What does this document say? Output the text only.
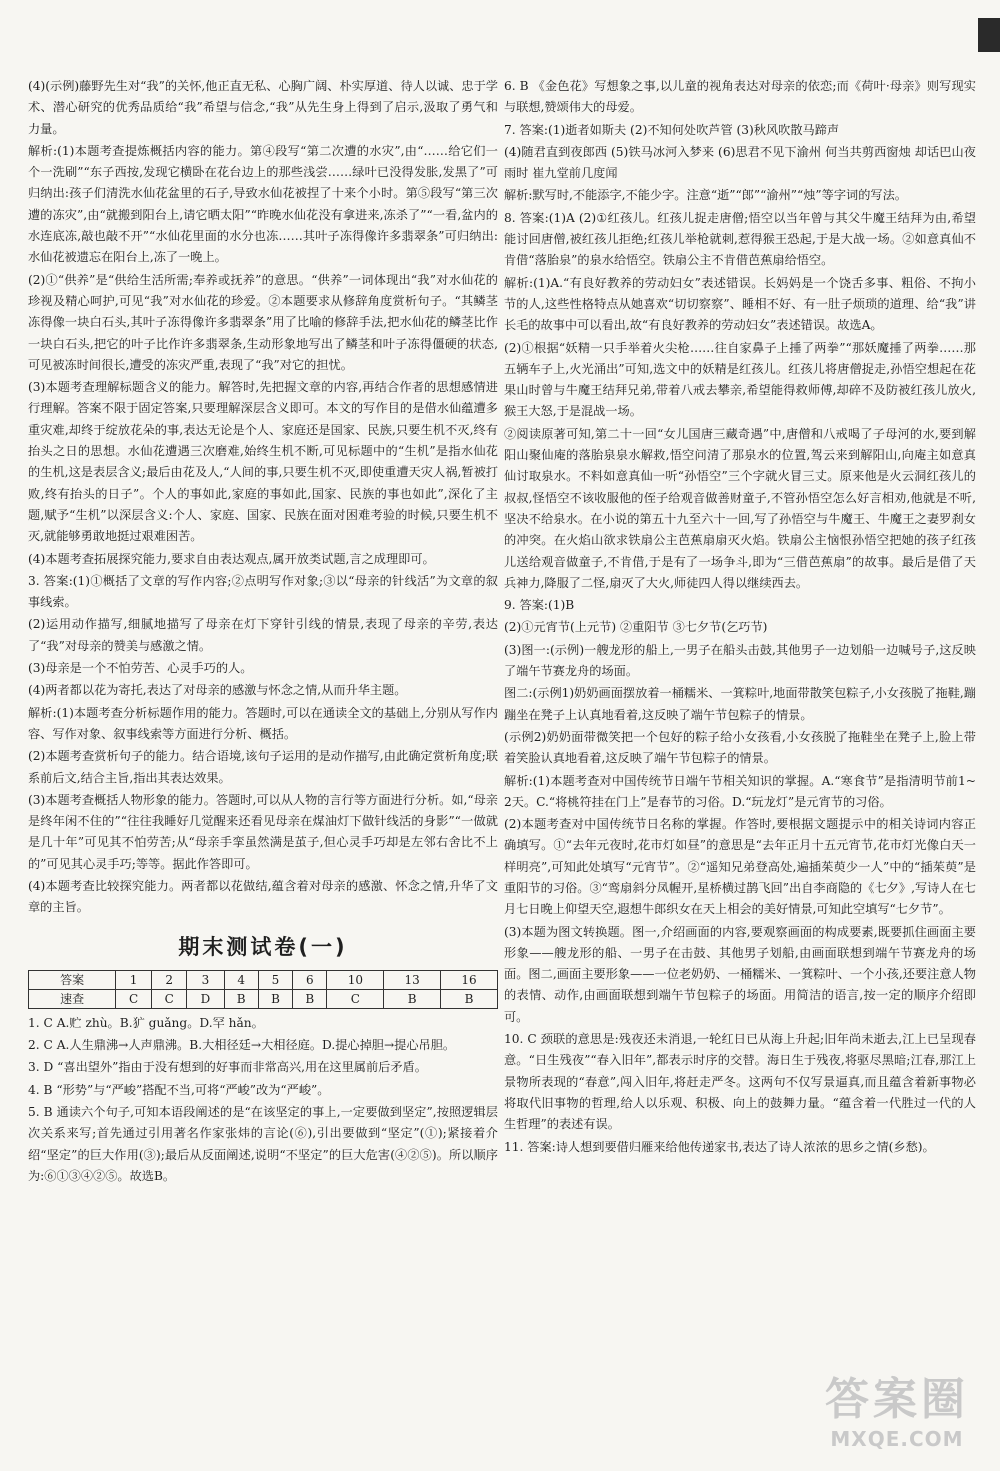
(4)(示例)藤野先生对“我”的关怀,他正直无私、心胸广阔、朴实厚道、待人以诚、忠于学术、潜心研究的优秀品质给“我”希望与信念,“我”从先生身上得到了启示,汲取了勇气和力量。

解析:(1)本题考查提炼概括内容的能力。第④段写“第二次遭的水灾”,由“……给它们一个一洗刷”“东子西按,发现它横卧在花台边上的那些浅尝……绿叶已没得发胀,发黑了”可归纳出:孩子们清洗水仙花盆里的石子,导致水仙花被捏了十来个小时。第⑤段写“第三次遭的冻灾”,由“就搬到阳台上,请它晒太阳”“昨晚水仙花没有拿进来,冻杀了”“一看,盆内的水连底冻,敲也敲不开”“水仙花里面的水分也冻……其叶子冻得像许多翡翠条”可归纳出:水仙花被遗忘在阳台上,冻了一晚上。

(2)①“供养”是“供给生活所需;奉养或抚养”的意思。“供养”一词体现出“我”对水仙花的珍视及精心呵护,可见“我”对水仙花的珍爱。②本题要求从修辞角度赏析句子。“其鳞茎冻得像一块白石头,其叶子冻得像许多翡翠条”用了比喻的修辞手法,把水仙花的鳞茎比作一块白石头,把它的叶子比作许多翡翠条,生动形象地写出了鳞茎和叶子冻得僵硬的状态,可见被冻时间很长,遭受的冻灾严重,表现了“我”对它的担忧。

(3)本题考查理解标题含义的能力。解答时,先把握文章的内容,再结合作者的思想感情进行理解。答案不限于固定答案,只要理解深层含义即可。本文的写作目的是借水仙蕴遭多重灾难,却终于绽放花朵的事,表达无论是个人、家庭还是国家、民族,只要生机不灭,终有抬头之日的思想。水仙花遭遇三次磨难,始终生机不断,可见标题中的“生机”是指水仙花的生机,这是表层含义;最后由花及人,“人间的事,只要生机不灭,即使重遭天灾人祸,暂被打败,终有抬头的日子”。个人的事如此,家庭的事如此,国家、民族的事也如此”,深化了主题,赋予“生机”以深层含义:个人、家庭、国家、民族在面对困难考验的时候,只要生机不灭,就能够勇敢地挺过艰难困苦。

(4)本题考查拓展探究能力,要求自由表达观点,属开放类试题,言之成理即可。

3. 答案:(1)①概括了文章的写作内容;②点明写作对象;③以“母亲的针线活”为文章的叙事线索。

(2)运用动作描写,细腻地描写了母亲在灯下穿针引线的情景,表现了母亲的辛劳,表达了“我”对母亲的赞美与感激之情。

(3)母亲是一个不怕劳苦、心灵手巧的人。

(4)两者都以花为寄托,表达了对母亲的感激与怀念之情,从而升华主题。

解析:(1)本题考查分析标题作用的能力。答题时,可以在通读全文的基础上,分别从写作内容、写作对象、叙事线索等方面进行分析、概括。

(2)本题考查赏析句子的能力。结合语境,该句子运用的是动作描写,由此确定赏析角度;联系前后文,结合主旨,指出其表达效果。

(3)本题考查概括人物形象的能力。答题时,可以从人物的言行等方面进行分析。如,“母亲是终年闲不住的”“往往我睡好几觉醒来还看见母亲在煤油灯下做针线活的身影”“一做就是几十年”可见其不怕劳苦;从“母亲手挛虽然满是茧子,但心灵手巧却是左邻右舍比不上的”可见其心灵手巧;等等。据此作答即可。

(4)本题考查比较探究能力。两者都以花做结,蕴含着对母亲的感激、怀念之情,升华了文章的主旨。

期末测试卷(一)
答案	1	2	3	4	5	6	10	13	16
速查	C	C	D	B	B	B	C	B	B

1. C A.贮 zhù。B.犷 guǎng。D.罕 hǎn。

2. C A.人生鼎沸→人声鼎沸。B.大相径廷→大相径庭。D.提心掉胆→提心吊胆。

3. D “喜出望外”指由于没有想到的好事而非常高兴,用在这里属前后矛盾。

4. B “形势”与“严峻”搭配不当,可将“严峻”改为“严峻”。

5. B 通读六个句子,可知本语段阐述的是“在该坚定的事上,一定要做到坚定”,按照逻辑层次关系来写;首先通过引用著名作家张炜的言论(⑥),引出要做到“坚定”(①);紧接着介绍“坚定”的巨大作用(③);最后从反面阐述,说明“不坚定”的巨大危害(④②⑤)。所以顺序为:⑥①③④②⑤。故选B。

6. B 《金色花》写想象之事,以儿童的视角表达对母亲的依恋;而《荷叶·母亲》则写现实与联想,赞颂伟大的母爱。

7. 答案:(1)逝者如斯夫 (2)不知何处吹芦管 (3)秋风吹散马蹄声

(4)随君直到夜郎西 (5)铁马冰河入梦来 (6)思君不见下渝州 何当共剪西窗烛 却话巴山夜雨时 崔九堂前几度闻

解析:默写时,不能添字,不能少字。注意“逝”“郎”“渝州”“烛”等字词的写法。

8. 答案:(1)A (2)①红孩儿。红孩儿捉走唐僧;悟空以当年曾与其父牛魔王结拜为由,希望能讨回唐僧,被红孩儿拒绝;红孩儿举枪就刺,惹得猴王恐起,于是大战一场。②如意真仙不肯借“落胎泉”的泉水给悟空。铁扇公主不肯借芭蕉扇给悟空。

解析:(1)A.“有良好教养的劳动妇女”表述错误。长妈妈是一个饶舌多事、粗俗、不拘小节的人,这些性格特点从她喜欢“切切察察”、睡相不好、有一肚子烦琐的道理、给“我”讲长毛的故事中可以看出,故“有良好教养的劳动妇女”表述错误。故选A。

(2)①根据“妖精一只手举着火尖枪……往自家鼻子上捶了两拳”“那妖魔捶了两拳……那五辆车子上,火光涌出”可知,选文中的妖精是红孩儿。红孩儿将唐僧捉走,孙悟空想起在花果山时曾与牛魔王结拜兄弟,带着八戒去攀亲,希望能得救师傅,却碎不及防被红孩儿放火,猴王大怒,于是混战一场。

②阅读原著可知,第二十一回“女儿国唐三藏奇遇”中,唐僧和八戒喝了子母河的水,要到解阳山聚仙庵的落胎泉泉水解救,悟空问清了那泉水的位置,驾云来到解阳山,向庵主如意真仙讨取泉水。不料如意真仙一听“孙悟空”三个字就火冒三丈。原来他是火云洞红孩儿的叔叔,怪悟空不该收服他的侄子给观音做善财童子,不管孙悟空怎么好言相劝,他就是不听,坚决不给泉水。在小说的第五十九至六十一回,写了孙悟空与牛魔王、牛魔王之妻罗刹女的冲突。在火焰山欲求铁扇公主芭蕉扇扇灭火焰。铁扇公主恼恨孙悟空把她的孩子红孩儿送给观音做童子,不肯借,于是有了一场争斗,即为“三借芭蕉扇”的故事。最后是借了天兵神力,降服了二怪,扇灭了大火,师徒四人得以继续西去。

9. 答案:(1)B

(2)①元宵节(上元节) ②重阳节 ③七夕节(乞巧节)

(3)图一:(示例)一艘龙形的船上,一男子在船头击鼓,其他男子一边划船一边喊号子,这反映了端午节赛龙舟的场面。

图二:(示例1)奶奶画面摆放着一桶糯米、一箕粽叶,地面带散笑包粽子,小女孩脱了拖鞋,蹦蹦坐在凳子上认真地看着,这反映了端午节包粽子的情景。

(示例2)奶奶面带微笑把一个包好的粽子给小女孩看,小女孩脱了拖鞋坐在凳子上,脸上带着笑脸认真地看着,这反映了端午节包粽子的情景。

解析:(1)本题考查对中国传统节日端午节相关知识的掌握。A.“寒食节”是指清明节前1~2天。C.“将桃符挂在门上”是春节的习俗。D.“玩龙灯”是元宵节的习俗。

(2)本题考查对中国传统节日名称的掌握。作答时,要根据文题提示中的相关诗词内容正确填写。①“去年元夜时,花市灯如昼”的意思是“去年正月十五元宵节,花市灯光像白天一样明亮”,可知此处填写“元宵节”。②“遥知兄弟登高处,遍插茱萸少一人”中的“插茱萸”是重阳节的习俗。③“鸾扇斜分凤幄开,星桥横过鹊飞回”出自李商隐的《七夕》,写诗人在七月七日晚上仰望天空,遐想牛郎织女在天上相会的美好情景,可知此空填写“七夕节”。

(3)本题为图文转换题。图一,介绍画面的内容,要观察画面的构成要素,既要抓住画面主要形象——艘龙形的船、一男子在击鼓、其他男子划船,由画面联想到端午节赛龙舟的场面。图二,画面主要形象——一位老奶奶、一桶糯米、一箕粽叶、一个小孩,还要注意人物的表情、动作,由画面联想到端午节包粽子的场面。用简洁的语言,按一定的顺序介绍即可。

10. C 颈联的意思是:残夜还未消退,一轮红日已从海上升起;旧年尚未逝去,江上已呈现春意。“日生残夜”“春入旧年”,都表示时序的交替。海日生于残夜,将驱尽黑暗;江春,那江上景物所表现的“春意”,闯入旧年,将赶走严冬。这两句不仅写景逼真,而且蕴含着新事物必将取代旧事物的哲理,给人以乐观、积极、向上的鼓舞力量。“蕴含着一代胜过一代的人生哲理”的表述有误。

11. 答案:诗人想到要借归雁来给他传递家书,表达了诗人浓浓的思乡之情(乡愁)。

答案圈
MXQE.COM
